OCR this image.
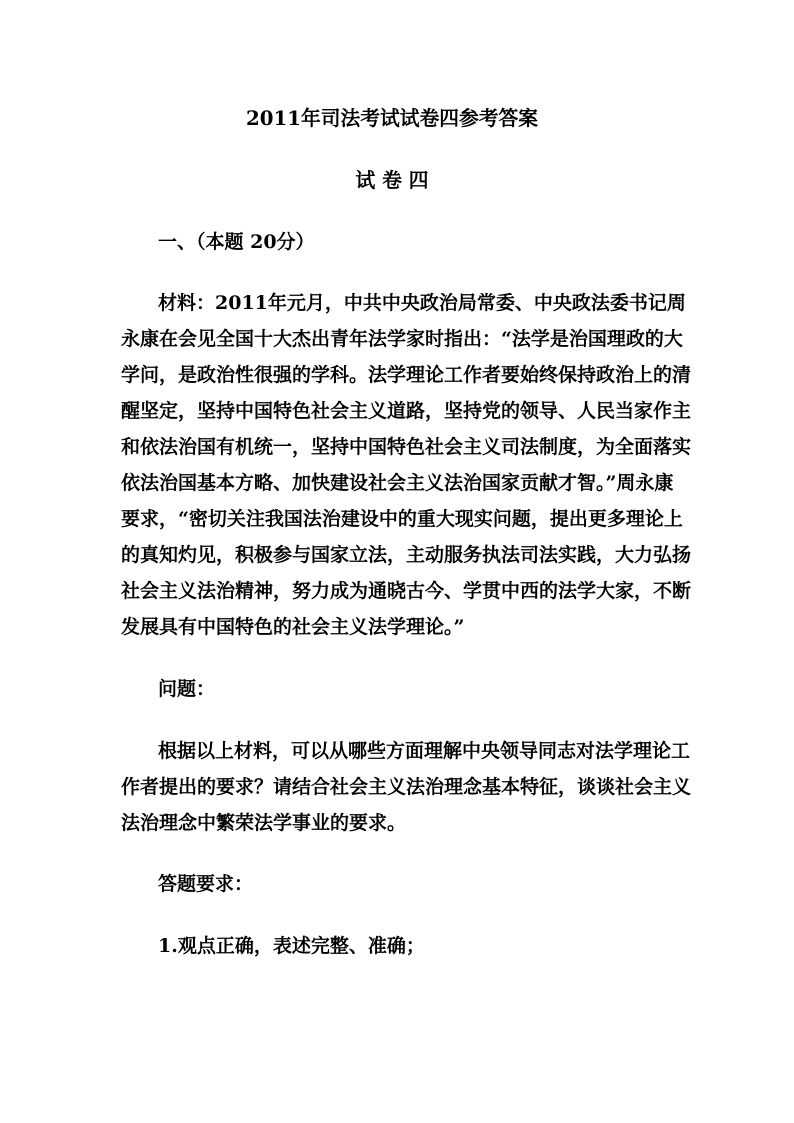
2011年司法考试试卷四参考答案
试 卷 四
一、（本题 20分）
材料：2011年元月，中共中央政治局常委、中央政法委书记周
永康在会见全国十大杰出青年法学家时指出：“法学是治国理政的大
学问，是政治性很强的学科。法学理论工作者要始终保持政治上的清
醒坚定，坚持中国特色社会主义道路，坚持党的领导、人民当家作主
和依法治国有机统一，坚持中国特色社会主义司法制度，为全面落实
依法治国基本方略、加快建设社会主义法治国家贡献才智。”周永康
要求，“密切关注我国法治建设中的重大现实问题，提出更多理论上
的真知灼见，积极参与国家立法，主动服务执法司法实践，大力弘扬
社会主义法治精神，努力成为通晓古今、学贯中西的法学大家，不断
发展具有中国特色的社会主义法学理论。”
问题：
根据以上材料，可以从哪些方面理解中央领导同志对法学理论工
作者提出的要求？请结合社会主义法治理念基本特征，谈谈社会主义
法治理念中繁荣法学事业的要求。
答题要求：
1.观点正确，表述完整、准确；
